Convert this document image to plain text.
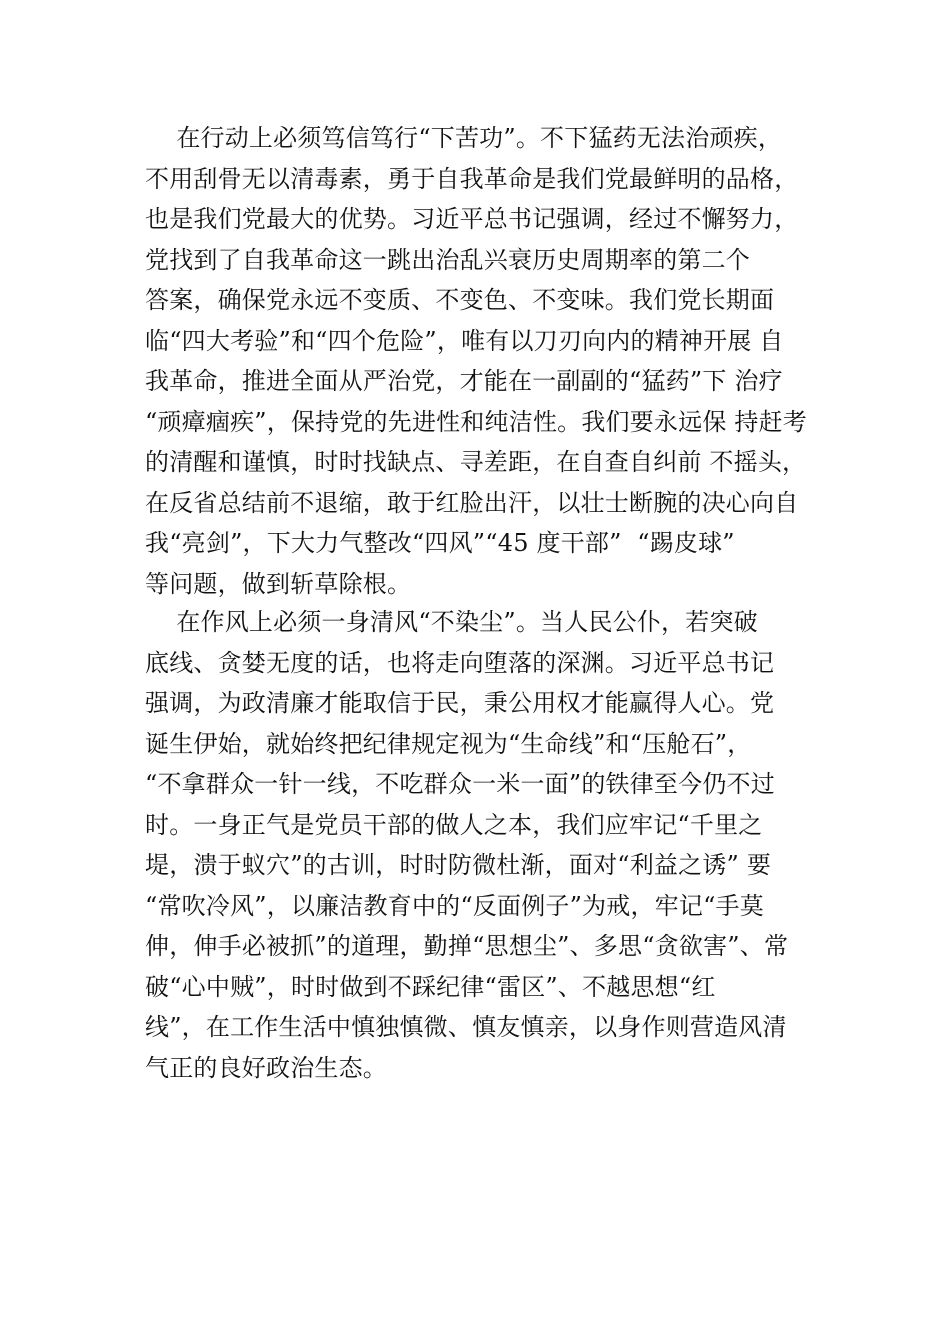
在行动上必须笃信笃行“下苦功”。不下猛药无法治顽疾，
不用刮骨无以清毒素，勇于自我革命是我们党最鲜明的品格，
也是我们党最大的优势。习近平总书记强调，经过不懈努力，
党找到了自我革命这一跳出治乱兴衰历史周期率的第二个
答案，确保党永远不变质、不变色、不变味。我们党长期面
临“四大考验”和“四个危险”，唯有以刀刃向内的精神开展 自
我革命，推进全面从严治党，才能在一副副的“猛药”下 治疗
“顽瘴痼疾”，保持党的先进性和纯洁性。我们要永远保 持赶考
的清醒和谨慎，时时找缺点、寻差距，在自查自纠前 不摇头，
在反省总结前不退缩，敢于红脸出汗，以壮士断腕的决心向自
我“亮剑”，下大力气整改“四风”“45 度干部”  “踢皮球”
等问题，做到斩草除根。
在作风上必须一身清风“不染尘”。当人民公仆，若突破
底线、贪婪无度的话，也将走向堕落的深渊。习近平总书记
强调，为政清廉才能取信于民，秉公用权才能赢得人心。党
诞生伊始，就始终把纪律规定视为“生命线”和“压舱石”，
“不拿群众一针一线，不吃群众一米一面”的铁律至今仍不过
时。一身正气是党员干部的做人之本，我们应牢记“千里之
堤，溃于蚁穴”的古训，时时防微杜渐，面对“利益之诱” 要
“常吹冷风”，以廉洁教育中的“反面例子”为戒，牢记“手莫
伸，伸手必被抓”的道理，勤掸“思想尘”、多思“贪欲害”、常
破“心中贼”，时时做到不踩纪律“雷区”、不越思想“红
线”，在工作生活中慎独慎微、慎友慎亲，以身作则营造风清
气正的良好政治生态。
